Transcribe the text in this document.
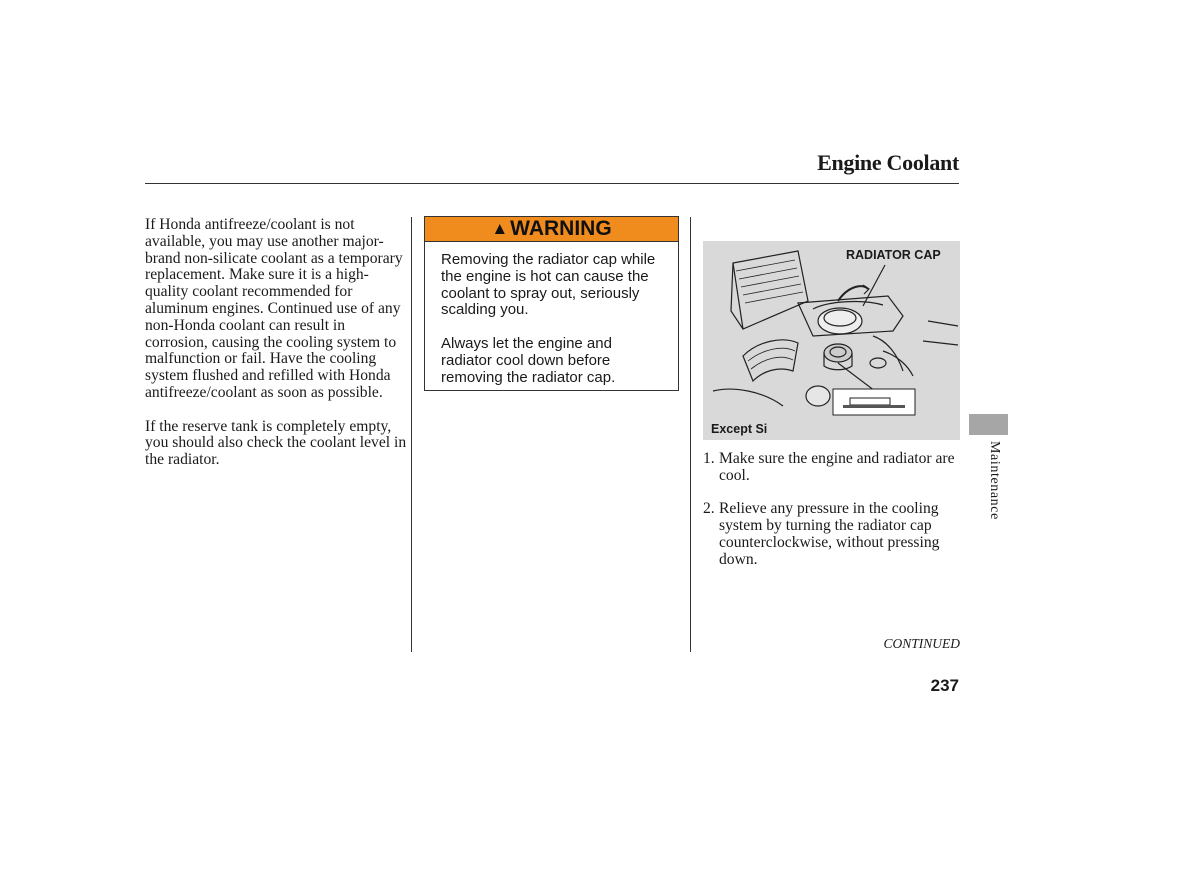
Engine Coolant

If Honda antifreeze/coolant is not available, you may use another major-brand non-silicate coolant as a temporary replacement. Make sure it is a high-quality coolant recommended for aluminum engines. Continued use of any non-Honda coolant can result in corrosion, causing the cooling system to malfunction or fail. Have the cooling system flushed and refilled with Honda antifreeze/coolant as soon as possible.

If the reserve tank is completely empty, you should also check the coolant level in the radiator.

▲WARNING

Removing the radiator cap while the engine is hot can cause the coolant to spray out, seriously scalding you.

Always let the engine and radiator cool down before removing the radiator cap.

RADIATOR CAP
Except Si
1. Make sure the engine and radiator are cool.
2. Relieve any pressure in the cooling system by turning the radiator cap counterclockwise, without pressing down.
CONTINUED
237
Maintenance
